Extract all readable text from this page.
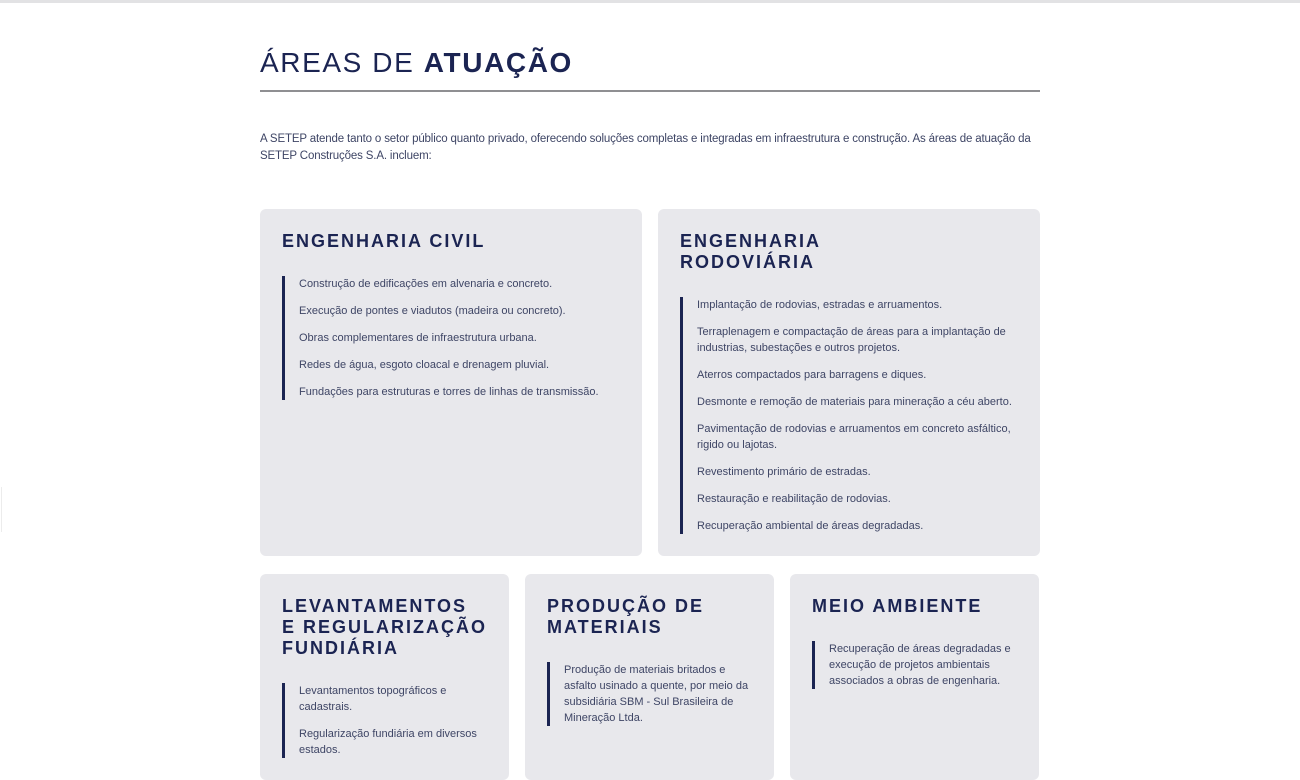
ÁREAS DE ATUAÇÃO

A SETEP atende tanto o setor público quanto privado, oferecendo soluções completas e integradas em infraestrutura e construção. As áreas de atuação da SETEP Construções S.A. incluem:

ENGENHARIA CIVIL
Construção de edificações em alvenaria e concreto.
Execução de pontes e viadutos (madeira ou concreto).
Obras complementares de infraestrutura urbana.
Redes de água, esgoto cloacal e drenagem pluvial.
Fundações para estruturas e torres de linhas de transmissão.
ENGENHARIA RODOVIÁRIA
Implantação de rodovias, estradas e arruamentos.
Terraplenagem e compactação de áreas para a implantação de industrias, subestações e outros projetos.
Aterros compactados para barragens e diques.
Desmonte e remoção de materiais para mineração a céu aberto.
Pavimentação de rodovias e arruamentos em concreto asfáltico, rigido ou lajotas.
Revestimento primário de estradas.
Restauração e reabilitação de rodovias.
Recuperação ambiental de áreas degradadas.
LEVANTAMENTOS E REGULARIZAÇÃO FUNDIÁRIA
Levantamentos topográficos e cadastrais.
Regularização fundiária em diversos estados.
PRODUÇÃO DE MATERIAIS
Produção de materiais britados e asfalto usinado a quente, por meio da subsidiária SBM - Sul Brasileira de Mineração Ltda.
MEIO AMBIENTE
Recuperação de áreas degradadas e execução de projetos ambientais associados a obras de engenharia.
